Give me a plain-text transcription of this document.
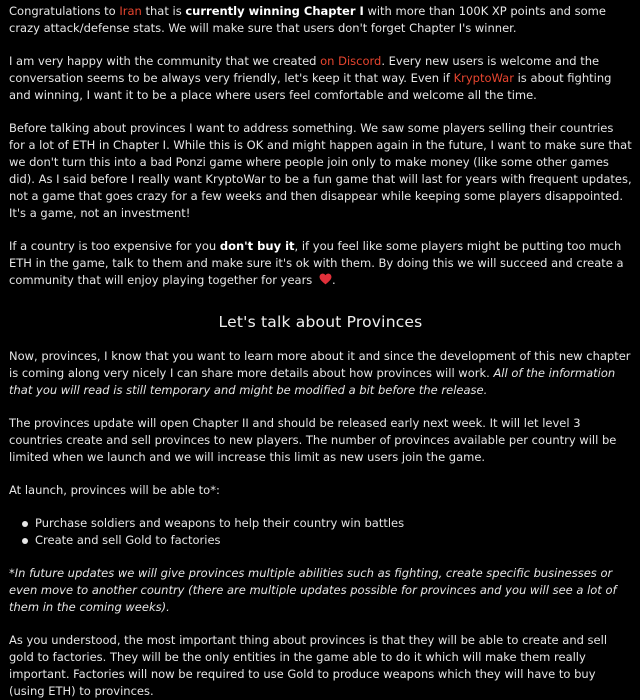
Congratulations to Iran that is currently winning Chapter I with more than 100K XP points and some crazy attack/defense stats. We will make sure that users don't forget Chapter I's winner.

I am very happy with the community that we created on Discord. Every new users is welcome and the conversation seems to be always very friendly, let's keep it that way. Even if KryptoWar is about fighting and winning, I want it to be a place where users feel comfortable and welcome all the time.

Before talking about provinces I want to address something. We saw some players selling their countries for a lot of ETH in Chapter I. While this is OK and might happen again in the future, I want to make sure that we don't turn this into a bad Ponzi game where people join only to make money (like some other games did). As I said before I really want KryptoWar to be a fun game that will last for years with frequent updates, not a game that goes crazy for a few weeks and then disappear while keeping some players disappointed. It's a game, not an investment!

If a country is too expensive for you don't buy it, if you feel like some players might be putting too much ETH in the game, talk to them and make sure it's ok with them. By doing this we will succeed and create a community that will enjoy playing together for years .

Let's talk about Provinces

Now, provinces, I know that you want to learn more about it and since the development of this new chapter is coming along very nicely I can share more details about how provinces will work. All of the information that you will read is still temporary and might be modified a bit before the release.

The provinces update will open Chapter II and should be released early next week. It will let level 3 countries create and sell provinces to new players. The number of provinces available per country will be limited when we launch and we will increase this limit as new users join the game.

At launch, provinces will be able to*:

Purchase soldiers and weapons to help their country win battles
Create and sell Gold to factories

*In future updates we will give provinces multiple abilities such as fighting, create specific businesses or even move to another country (there are multiple updates possible for provinces and you will see a lot of them in the coming weeks).

As you understood, the most important thing about provinces is that they will be able to create and sell gold to factories. They will be the only entities in the game able to do it which will make them really important. Factories will now be required to use Gold to produce weapons which they will have to buy (using ETH) to provinces.
